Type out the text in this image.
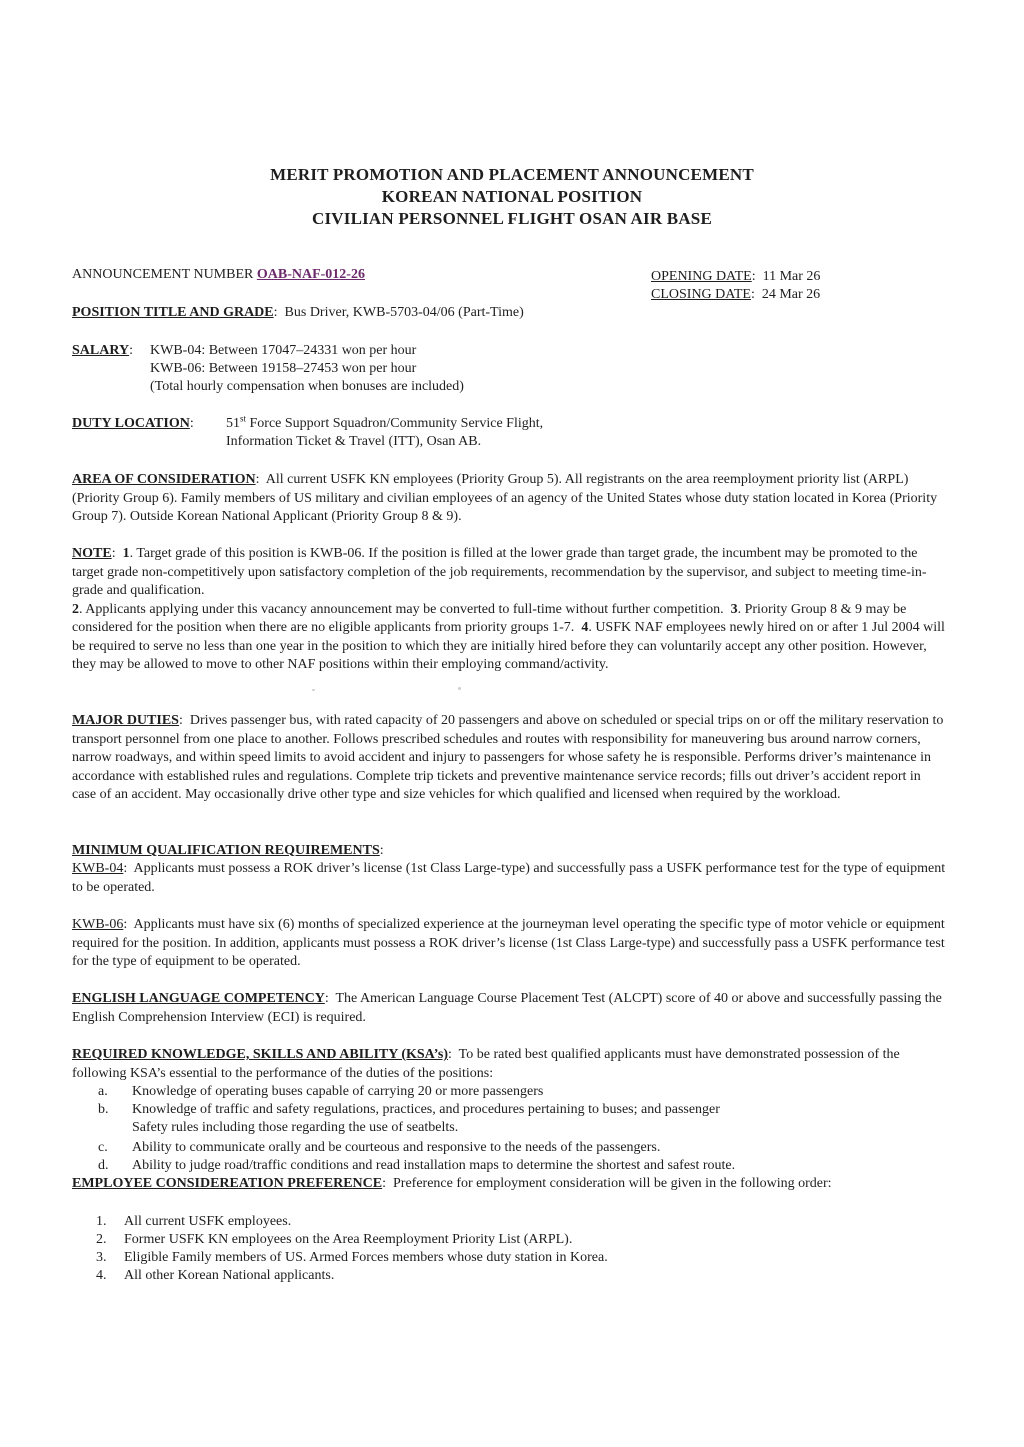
MERIT PROMOTION AND PLACEMENT ANNOUNCEMENT
KOREAN NATIONAL POSITION
CIVILIAN PERSONNEL FLIGHT OSAN AIR BASE
ANNOUNCEMENT NUMBER OAB-NAF-012-26	OPENING DATE:  11 Mar 26
CLOSING DATE:  24 Mar 26
POSITION TITLE AND GRADE:  Bus Driver, KWB-5703-04/06 (Part-Time)
SALARY: KWB-04: Between 17047–24331 won per hour
KWB-06: Between 19158–27453 won per hour
(Total hourly compensation when bonuses are included)
DUTY LOCATION: 51st Force Support Squadron/Community Service Flight,
Information Ticket & Travel (ITT), Osan AB.
AREA OF CONSIDERATION:  All current USFK KN employees (Priority Group 5). All registrants on the area reemployment priority list (ARPL) (Priority Group 6). Family members of US military and civilian employees of an agency of the United States whose duty station located in Korea (Priority Group 7). Outside Korean National Applicant (Priority Group 8 & 9).
NOTE:  1. Target grade of this position is KWB-06. If the position is filled at the lower grade than target grade, the incumbent may be promoted to the target grade non-competitively upon satisfactory completion of the job requirements, recommendation by the supervisor, and subject to meeting time-in-grade and qualification.
2. Applicants applying under this vacancy announcement may be converted to full-time without further competition. 3. Priority Group 8 & 9 may be considered for the position when there are no eligible applicants from priority groups 1-7. 4. USFK NAF employees newly hired on or after 1 Jul 2004 will be required to serve no less than one year in the position to which they are initially hired before they can voluntarily accept any other position. However, they may be allowed to move to other NAF positions within their employing command/activity.
MAJOR DUTIES:  Drives passenger bus, with rated capacity of 20 passengers and above on scheduled or special trips on or off the military reservation to transport personnel from one place to another. Follows prescribed schedules and routes with responsibility for maneuvering bus around narrow corners, narrow roadways, and within speed limits to avoid accident and injury to passengers for whose safety he is responsible. Performs driver’s maintenance in accordance with established rules and regulations. Complete trip tickets and preventive maintenance service records; fills out driver’s accident report in case of an accident. May occasionally drive other type and size vehicles for which qualified and licensed when required by the workload.
MINIMUM QUALIFICATION REQUIREMENTS:
KWB-04:  Applicants must possess a ROK driver’s license (1st Class Large-type) and successfully pass a USFK performance test for the type of equipment to be operated.
KWB-06:  Applicants must have six (6) months of specialized experience at the journeyman level operating the specific type of motor vehicle or equipment required for the position. In addition, applicants must possess a ROK driver’s license (1st Class Large-type) and successfully pass a USFK performance test for the type of equipment to be operated.
ENGLISH LANGUAGE COMPETENCY:  The American Language Course Placement Test (ALCPT) score of 40 or above and successfully passing the English Comprehension Interview (ECI) is required.
REQUIRED KNOWLEDGE, SKILLS AND ABILITY (KSA’s):  To be rated best qualified applicants must have demonstrated possession of the following KSA’s essential to the performance of the duties of the positions:
a. Knowledge of operating buses capable of carrying 20 or more passengers
b. Knowledge of traffic and safety regulations, practices, and procedures pertaining to buses; and passenger
Safety rules including those regarding the use of seatbelts.
c. Ability to communicate orally and be courteous and responsive to the needs of the passengers.
d. Ability to judge road/traffic conditions and read installation maps to determine the shortest and safest route.
EMPLOYEE CONSIDEREATION PREFERENCE:  Preference for employment consideration will be given in the following order:
1. All current USFK employees.
2. Former USFK KN employees on the Area Reemployment Priority List (ARPL).
3. Eligible Family members of US. Armed Forces members whose duty station in Korea.
4. All other Korean National applicants.
